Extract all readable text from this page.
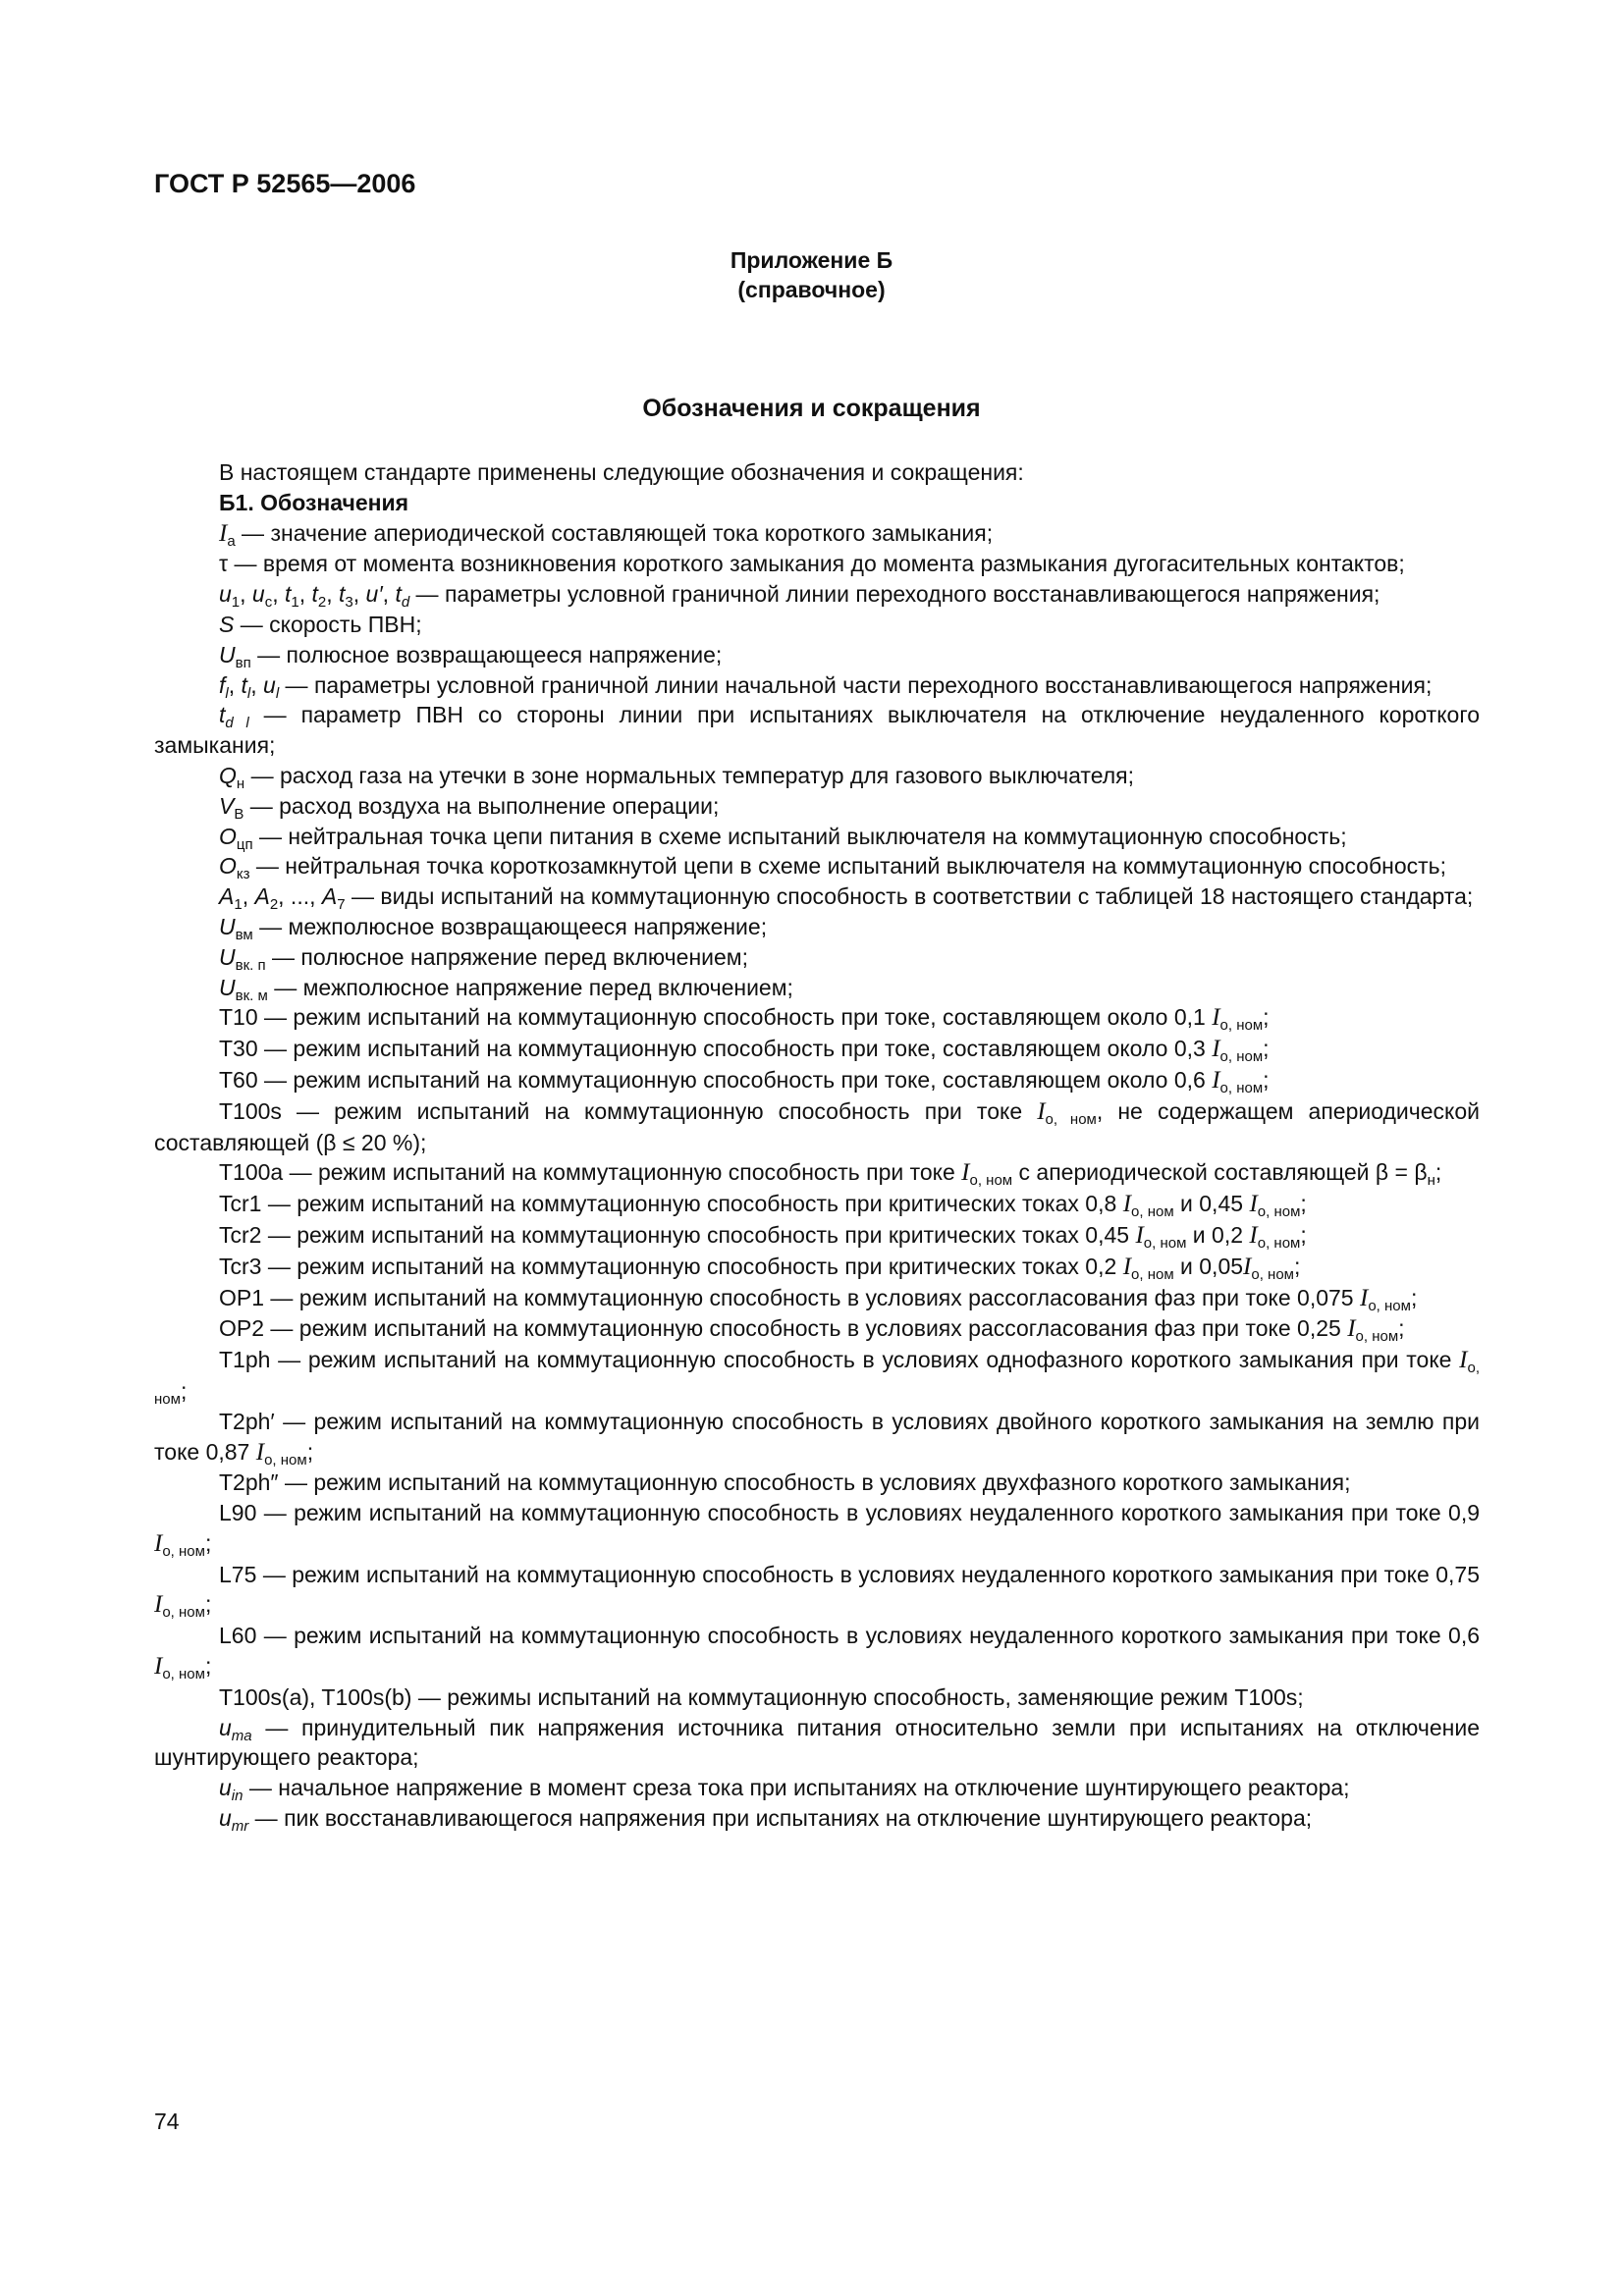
ГОСТ Р 52565—2006
Приложение Б
(справочное)
Обозначения и сокращения

В настоящем стандарте применены следующие обозначения и сокращения:

Б1. Обозначения

$I_а$ — значение апериодической составляющей тока короткого замыкания;

τ — время от момента возникновения короткого замыкания до момента размыкания дугогасительных контактов;

$u_1$, $u_c$, $t_1$, $t_2$, $t_3$, u′, $t_d$ — параметры условной граничной линии переходного восстанавливающегося напряжения;

S — скорость ПВН;

$U_{вп}$ — полюсное возвращающееся напряжение;

$f_l$, $t_l$, $u_l$ — параметры условной граничной линии начальной части переходного восстанавливающегося напряжения;

$t_{d l}$ — параметр ПВН со стороны линии при испытаниях выключателя на отключение неудаленного короткого замыкания;

$Q_н$ — расход газа на утечки в зоне нормальных температур для газового выключателя;

$V_В$ — расход воздуха на выполнение операции;

$O_{цп}$ — нейтральная точка цепи питания в схеме испытаний выключателя на коммутационную способность;

$O_{кз}$ — нейтральная точка короткозамкнутой цепи в схеме испытаний выключателя на коммутационную способность;

$A_1$, $A_2$, ..., $A_7$ — виды испытаний на коммутационную способность в соответствии с таблицей 18 настоящего стандарта;

$U_{вм}$ — межполюсное возвращающееся напряжение;

$U_{вк. п}$ — полюсное напряжение перед включением;

$U_{вк. м}$ — межполюсное напряжение перед включением;

Т10 — режим испытаний на коммутационную способность при токе, составляющем около 0,1 $I_{о, ном}$;

Т30 — режим испытаний на коммутационную способность при токе, составляющем около 0,3 $I_{о, ном}$;

Т60 — режим испытаний на коммутационную способность при токе, составляющем около 0,6 $I_{о, ном}$;

Т100s — режим испытаний на коммутационную способность при токе $I_{о, ном}$, не содержащем апериодической составляющей (β ≤ 20 %);

Т100а — режим испытаний на коммутационную способность при токе $I_{о, ном}$ с апериодической составляющей $\beta = \beta_н$;

Tcr1 — режим испытаний на коммутационную способность при критических токах 0,8 $I_{о, ном}$ и 0,45 $I_{о, ном}$;

Tcr2 — режим испытаний на коммутационную способность при критических токах 0,45 $I_{о, ном}$ и 0,2 $I_{о, ном}$;

Tcr3 — режим испытаний на коммутационную способность при критических токах 0,2 $I_{о, ном}$ и $0,05I_{о, ном}$;

OP1 — режим испытаний на коммутационную способность в условиях рассогласования фаз при токе 0,075 $I_{о, ном}$;

OP2 — режим испытаний на коммутационную способность в условиях рассогласования фаз при токе 0,25 $I_{о, ном}$;

T1ph — режим испытаний на коммутационную способность в условиях однофазного короткого замыкания при токе $I_{о, ном}$;

T2ph′ — режим испытаний на коммутационную способность в условиях двойного короткого замыкания на землю при токе 0,87 $I_{о, ном}$;

T2ph″ — режим испытаний на коммутационную способность в условиях двухфазного короткого замыкания;

L90 — режим испытаний на коммутационную способность в условиях неудаленного короткого замыкания при токе 0,9 $I_{о, ном}$;

L75 — режим испытаний на коммутационную способность в условиях неудаленного короткого замыкания при токе 0,75 $I_{о, ном}$;

L60 — режим испытаний на коммутационную способность в условиях неудаленного короткого замыкания при токе 0,6 $I_{о, ном}$;

T100s(a), T100s(b) — режимы испытаний на коммутационную способность, заменяющие режим T100s;

$u_{ma}$ — принудительный пик напряжения источника питания относительно земли при испытаниях на отключение шунтирующего реактора;

$u_{in}$ — начальное напряжение в момент среза тока при испытаниях на отключение шунтирующего реактора;

$u_{mr}$ — пик восстанавливающегося напряжения при испытаниях на отключение шунтирующего реактора;

74
